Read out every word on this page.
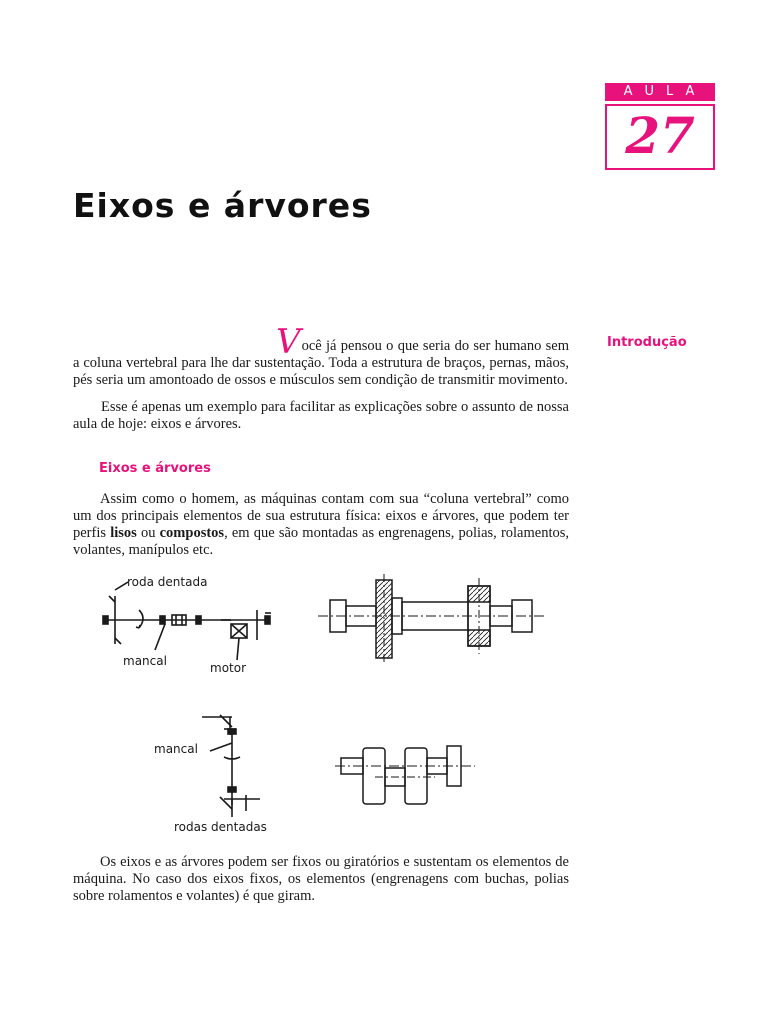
AULA
27
Eixos e árvores
Introdução

Você já pensou o que seria do ser humano sem a coluna vertebral para lhe dar sustentação. Toda a estrutura de braços, pernas, mãos, pés seria um amontoado de ossos e músculos sem condição de transmitir movimento.

Esse é apenas um exemplo para facilitar as explicações sobre o assunto de nossa aula de hoje: eixos e árvores.

Eixos e árvores

Assim como o homem, as máquinas contam com sua “coluna vertebral” como um dos principais elementos de sua estrutura física: eixos e árvores, que podem ter perfis lisos ou compostos, em que são montadas as engrenagens, polias, rolamentos, volantes, manípulos etc.

roda dentada
mancal	motor
mancal
rodas dentadas

Os eixos e as árvores podem ser fixos ou giratórios e sustentam os elementos de máquina. No caso dos eixos fixos, os elementos (engrenagens com buchas, polias sobre rolamentos e volantes) é que giram.
